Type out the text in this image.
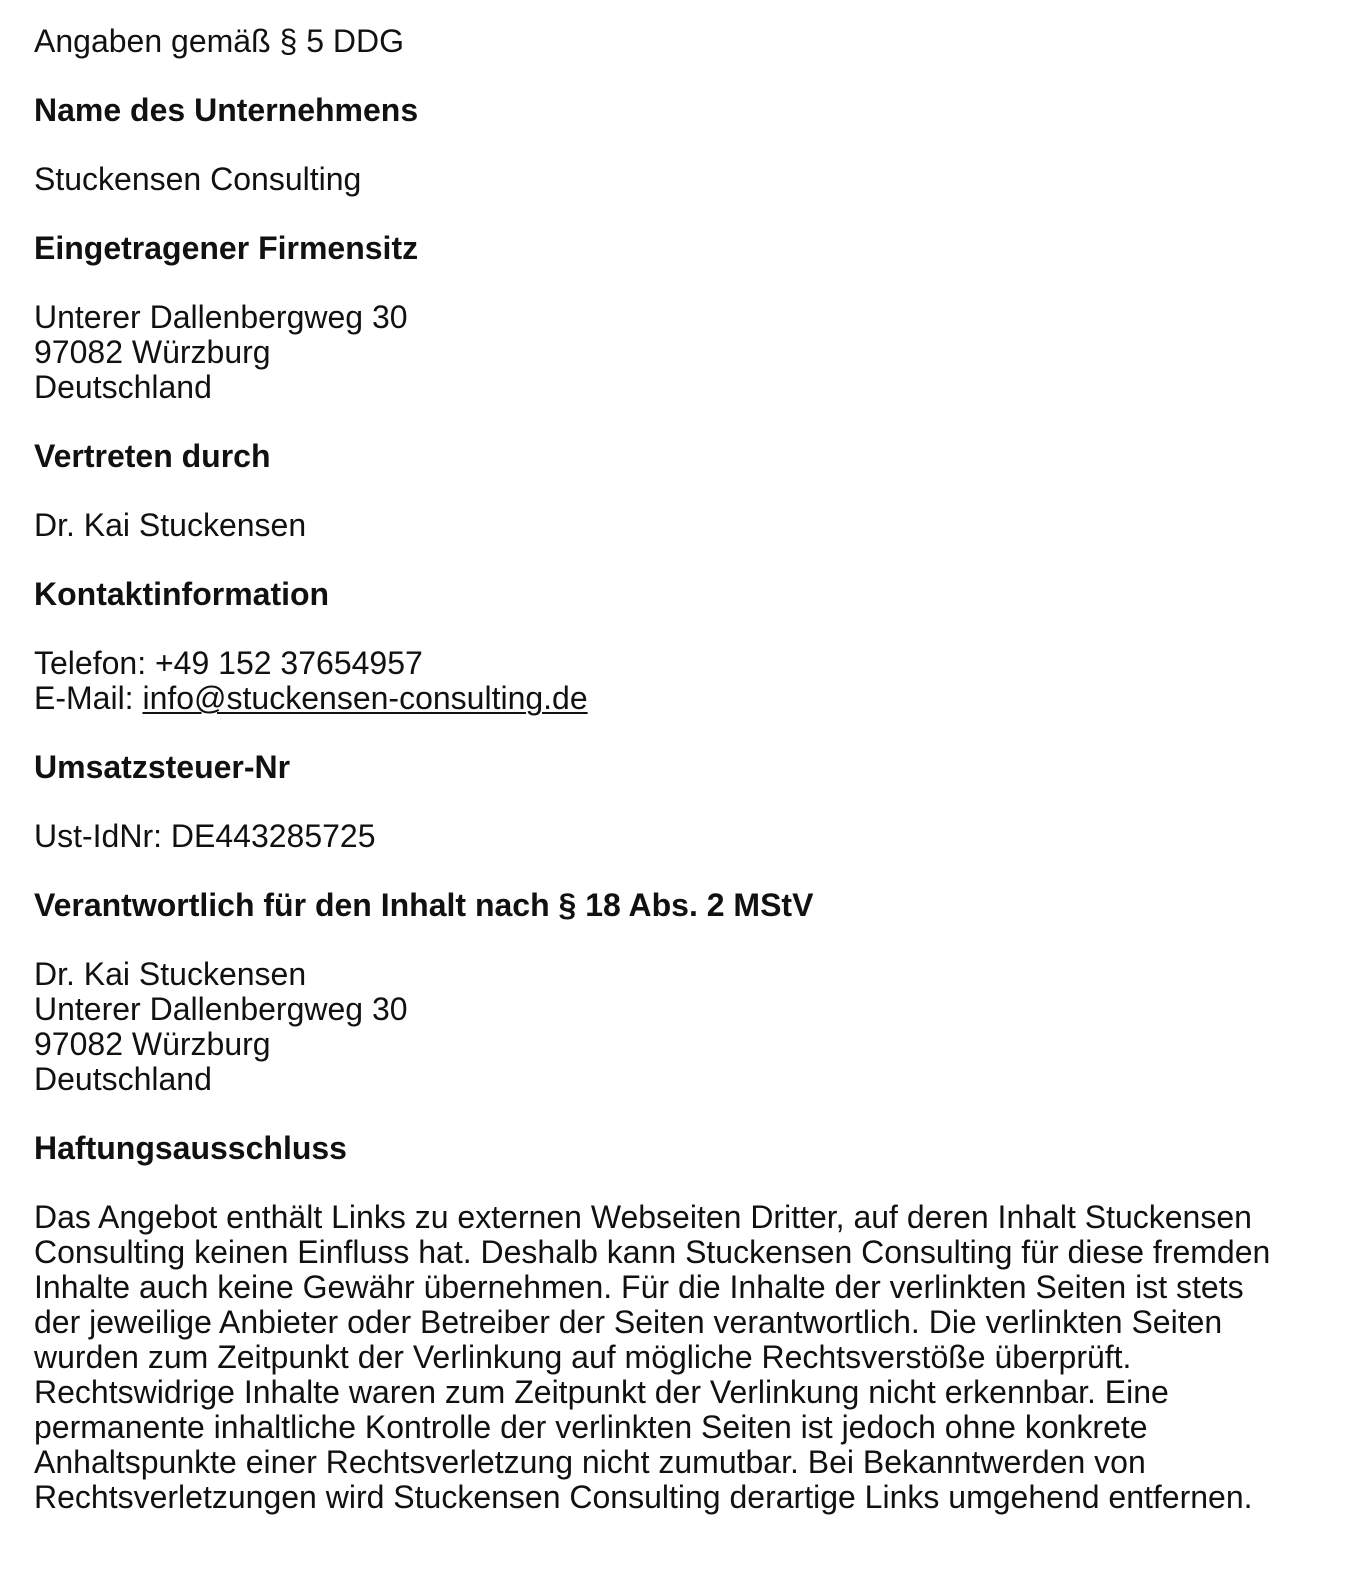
Angaben gemäß § 5 DDG

Name des Unternehmens

Stuckensen Consulting

Eingetragener Firmensitz
Unterer Dallenbergweg 30
97082 Würzburg
Deutschland
Vertreten durch

Dr. Kai Stuckensen

Kontaktinformation
Telefon: +49 152 37654957
E-Mail: info@stuckensen-consulting.de
Umsatzsteuer-Nr

Ust-IdNr: DE443285725

Verantwortlich für den Inhalt nach § 18 Abs. 2 MStV
Dr. Kai Stuckensen
Unterer Dallenbergweg 30
97082 Würzburg
Deutschland
Haftungsausschluss
Das Angebot enthält Links zu externen Webseiten Dritter, auf deren Inhalt Stuckensen
Consulting keinen Einfluss hat. Deshalb kann Stuckensen Consulting für diese fremden
Inhalte auch keine Gewähr übernehmen. Für die Inhalte der verlinkten Seiten ist stets
der jeweilige Anbieter oder Betreiber der Seiten verantwortlich. Die verlinkten Seiten
wurden zum Zeitpunkt der Verlinkung auf mögliche Rechtsverstöße überprüft.
Rechtswidrige Inhalte waren zum Zeitpunkt der Verlinkung nicht erkennbar. Eine
permanente inhaltliche Kontrolle der verlinkten Seiten ist jedoch ohne konkrete
Anhaltspunkte einer Rechtsverletzung nicht zumutbar. Bei Bekanntwerden von
Rechtsverletzungen wird Stuckensen Consulting derartige Links umgehend entfernen.
